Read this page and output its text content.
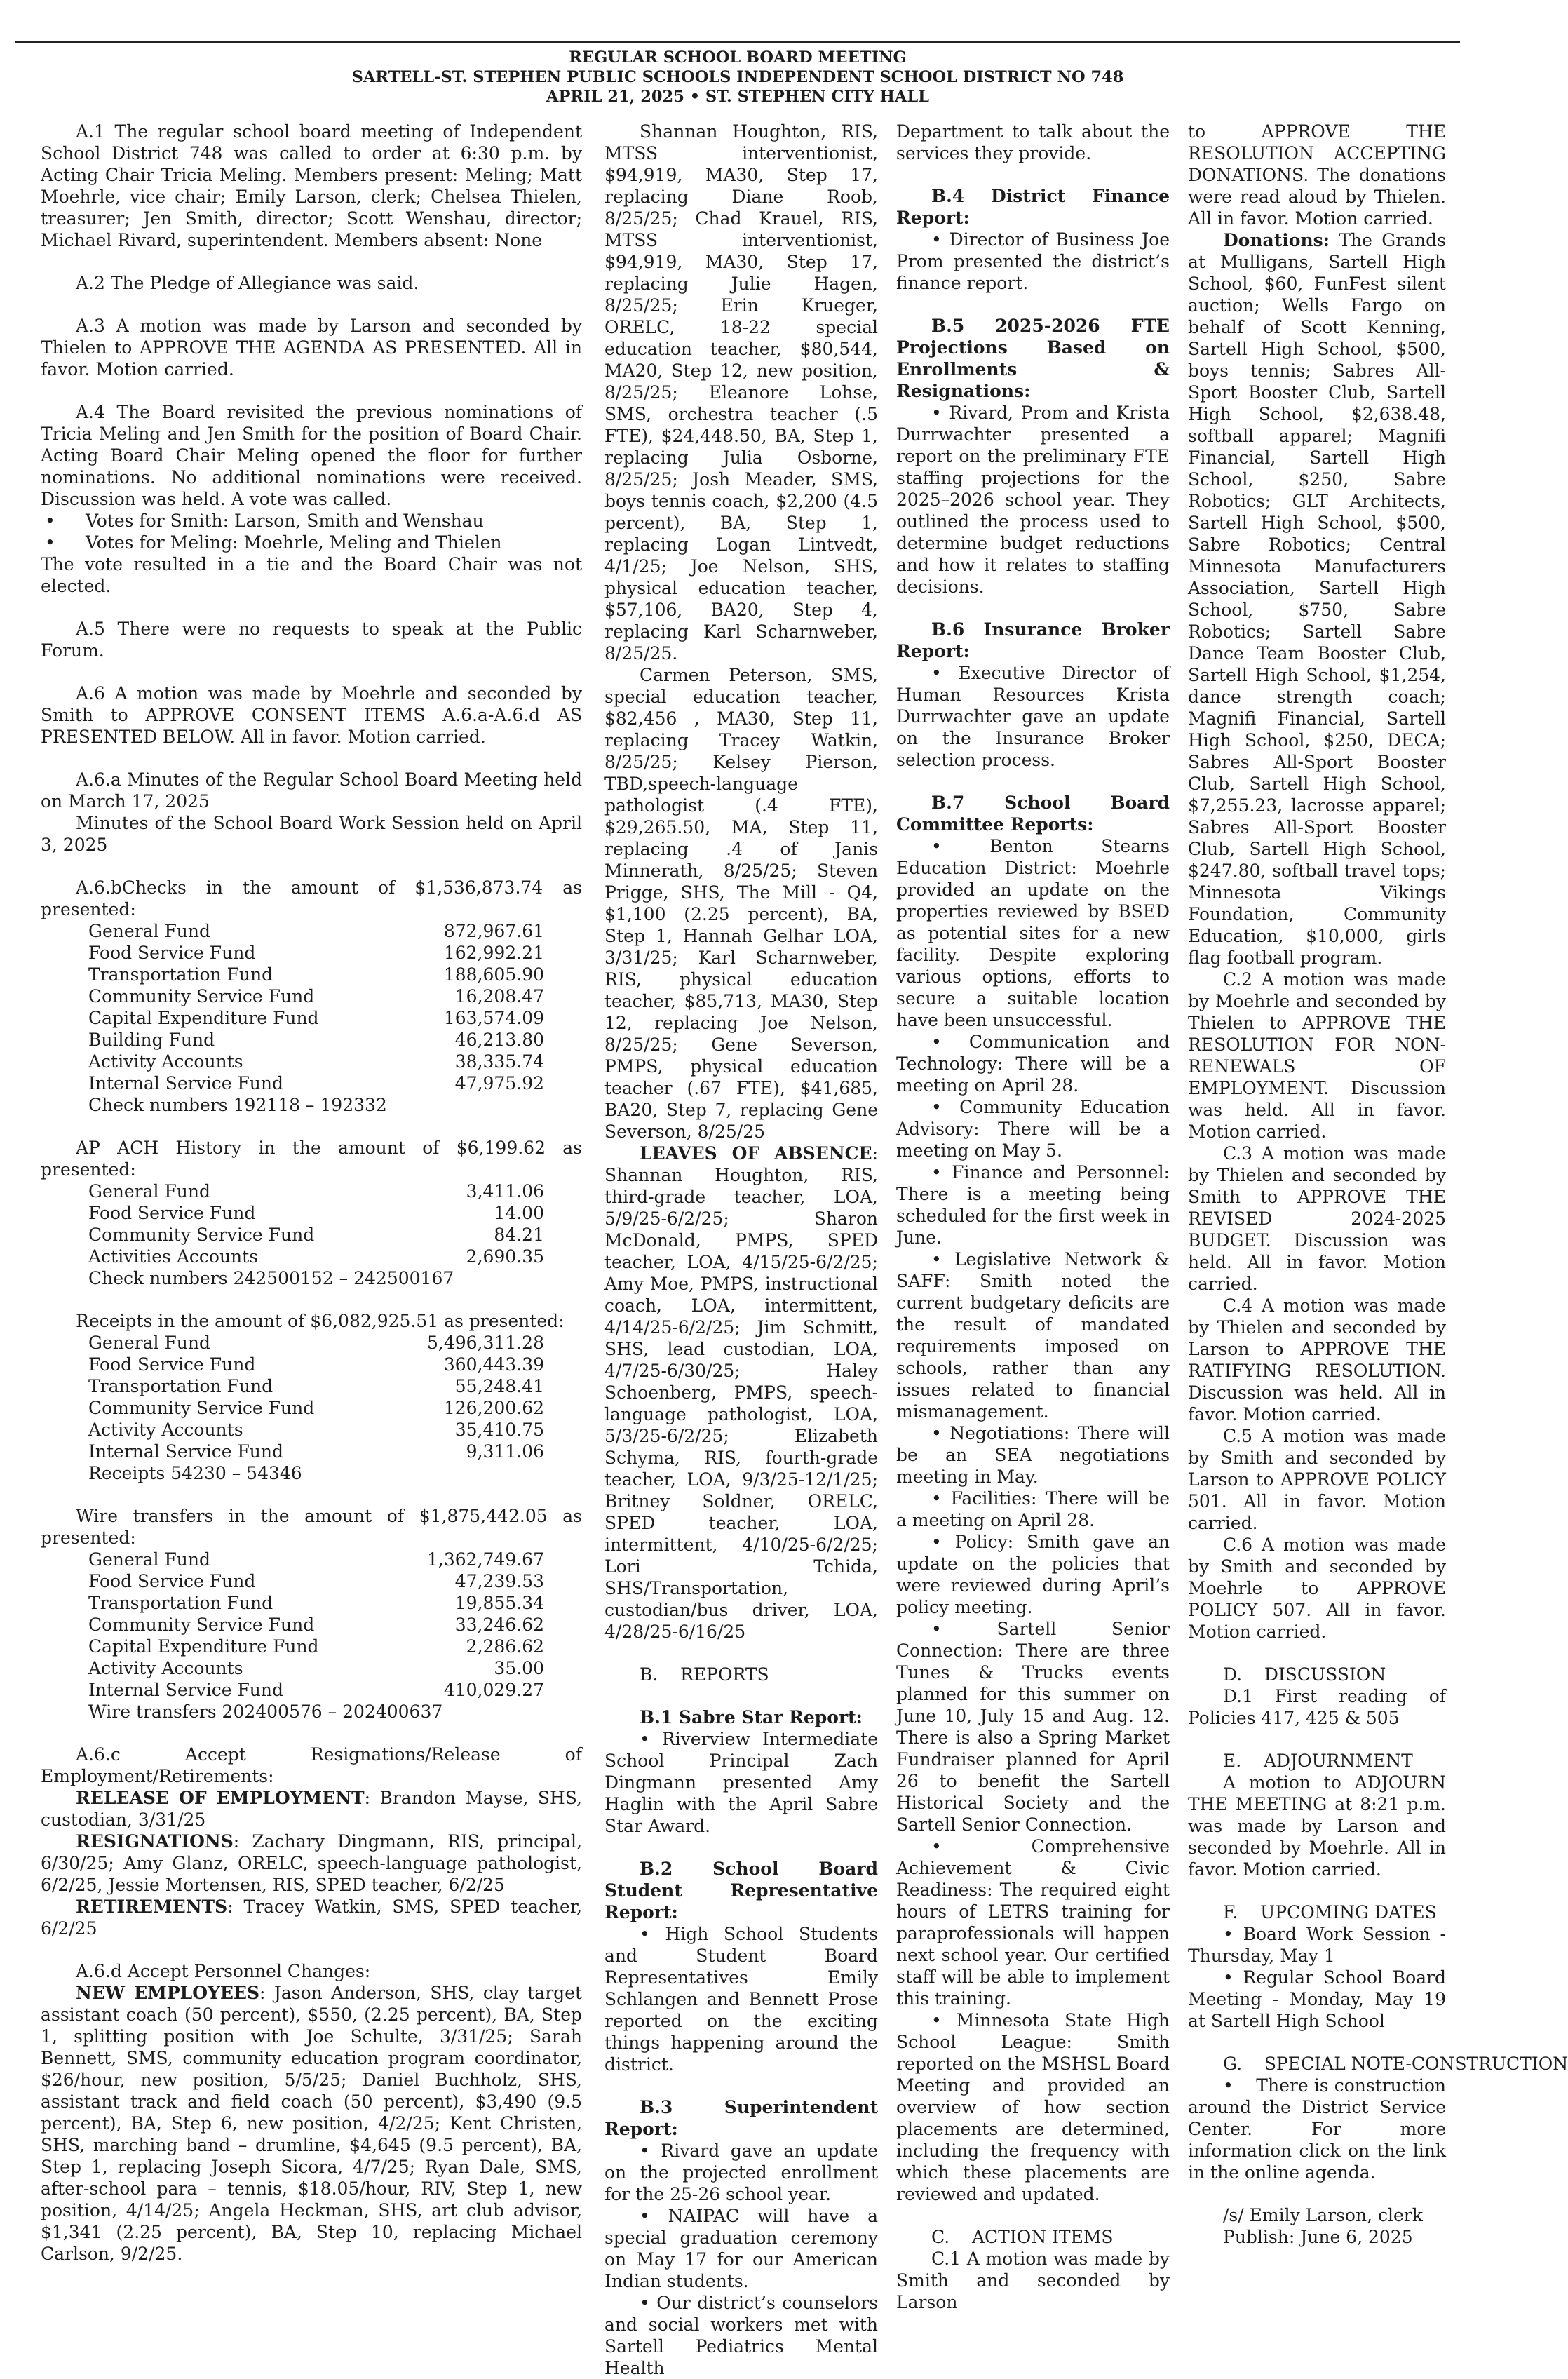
REGULAR SCHOOL BOARD MEETING
SARTELL-ST. STEPHEN PUBLIC SCHOOLS INDEPENDENT SCHOOL DISTRICT NO 748
APRIL 21, 2025 • ST. STEPHEN CITY HALL

A.1 The regular school board meeting of Independent School District 748 was called to order at 6:30 p.m. by Acting Chair Tricia Meling. Members present: Meling; Matt Moehrle, vice chair; Emily Larson, clerk; Chelsea Thielen, treasurer; Jen Smith, director; Scott Wenshau, director; Michael Rivard, superintendent. Members absent: None

A.2 The Pledge of Allegiance was said.

A.3 A motion was made by Larson and seconded by Thielen to APPROVE THE AGENDA AS PRESENTED. All in favor. Motion carried.

A.4 The Board revisited the previous nominations of Tricia Meling and Jen Smith for the position of Board Chair. Acting Board Chair Meling opened the floor for further nominations. No additional nominations were received. Discussion was held. A vote was called.

• Votes for Smith: Larson, Smith and Wenshau

• Votes for Meling: Moehrle, Meling and Thielen

The vote resulted in a tie and the Board Chair was not elected.

A.5 There were no requests to speak at the Public Forum.

A.6 A motion was made by Moehrle and seconded by Smith to APPROVE CONSENT ITEMS A.6.a-A.6.d AS PRESENTED BELOW. All in favor. Motion carried.

A.6.a Minutes of the Regular School Board Meeting held on March 17, 2025

Minutes of the School Board Work Session held on April 3, 2025

A.6.bChecks in the amount of $1,536,873.74 as presented:

General Fund	872,967.61
Food Service Fund	162,992.21
Transportation Fund	188,605.90
Community Service Fund	16,208.47
Capital Expenditure Fund	163,574.09
Building Fund	46,213.80
Activity Accounts	38,335.74
Internal Service Fund	47,975.92

Check numbers 192118 – 192332

AP ACH History in the amount of $6,199.62 as presented:

General Fund	3,411.06
Food Service Fund	14.00
Community Service Fund	84.21
Activities Accounts	2,690.35

Check numbers 242500152 – 242500167

Receipts in the amount of $6,082,925.51 as presented:

General Fund	5,496,311.28
Food Service Fund	360,443.39
Transportation Fund	55,248.41
Community Service Fund	126,200.62
Activity Accounts	35,410.75
Internal Service Fund	9,311.06

Receipts 54230 – 54346

Wire transfers in the amount of $1,875,442.05 as presented:

General Fund	1,362,749.67
Food Service Fund	47,239.53
Transportation Fund	19,855.34
Community Service Fund	33,246.62
Capital Expenditure Fund	2,286.62
Activity Accounts	35.00
Internal Service Fund	410,029.27

Wire transfers 202400576 – 202400637

A.6.c Accept Resignations/Release of Employment/Retirements:

RELEASE OF EMPLOYMENT: Brandon Mayse, SHS, custodian, 3/31/25

RESIGNATIONS: Zachary Dingmann, RIS, principal, 6/30/25; Amy Glanz, ORELC, speech-language pathologist, 6/2/25, Jessie Mortensen, RIS, SPED teacher, 6/2/25

RETIREMENTS: Tracey Watkin, SMS, SPED teacher, 6/2/25

A.6.d Accept Personnel Changes:

NEW EMPLOYEES: Jason Anderson, SHS, clay target assistant coach (50 percent), $550, (2.25 percent), BA, Step 1, splitting position with Joe Schulte, 3/31/25; Sarah Bennett, SMS, community education program coordinator, $26/hour, new position, 5/5/25; Daniel Buchholz, SHS, assistant track and field coach (50 percent), $3,490 (9.5 percent), BA, Step 6, new position, 4/2/25; Kent Christen, SHS, marching band – drumline, $4,645 (9.5 percent), BA, Step 1, replacing Joseph Sicora, 4/7/25; Ryan Dale, SMS, after-school para – tennis, $18.05/hour, RIV, Step 1, new position, 4/14/25; Angela Heckman, SHS, art club advisor, $1,341 (2.25 percent), BA, Step 10, replacing Michael Carlson, 9/2/25.

Shannan Houghton, RIS, MTSS interventionist, $94,919, MA30, Step 17, replacing Diane Roob, 8/25/25; Chad Krauel, RIS, MTSS interventionist, $94,919, MA30, Step 17, replacing Julie Hagen, 8/25/25; Erin Krueger, ORELC, 18-22 special education teacher, $80,544, MA20, Step 12, new position, 8/25/25; Eleanore Lohse, SMS, orchestra teacher (.5 FTE), $24,448.50, BA, Step 1, replacing Julia Osborne, 8/25/25; Josh Meader, SMS, boys tennis coach, $2,200 (4.5 percent), BA, Step 1, replacing Logan Lintvedt, 4/1/25; Joe Nelson, SHS, physical education teacher, $57,106, BA20, Step 4, replacing Karl Scharnweber, 8/25/25.

Carmen Peterson, SMS, special education teacher, $82,456 , MA30, Step 11, replacing Tracey Watkin, 8/25/25; Kelsey Pierson, TBD,speech-language pathologist (.4 FTE), $29,265.50, MA, Step 11, replacing .4 of Janis Minnerath, 8/25/25; Steven Prigge, SHS, The Mill - Q4, $1,100 (2.25 percent), BA, Step 1, Hannah Gelhar LOA, 3/31/25; Karl Scharnweber, RIS, physical education teacher, $85,713, MA30, Step 12, replacing Joe Nelson, 8/25/25; Gene Severson, PMPS, physical education teacher (.67 FTE), $41,685, BA20, Step 7, replacing Gene Severson, 8/25/25

LEAVES OF ABSENCE: Shannan Houghton, RIS, third-grade teacher, LOA, 5/9/25-6/2/25; Sharon McDonald, PMPS, SPED teacher, LOA, 4/15/25-6/2/25; Amy Moe, PMPS, instructional coach, LOA, intermittent, 4/14/25-6/2/25; Jim Schmitt, SHS, lead custodian, LOA, 4/7/25-6/30/25; Haley Schoenberg, PMPS, speech-language pathologist, LOA, 5/3/25-6/2/25; Elizabeth Schyma, RIS, fourth-grade teacher, LOA, 9/3/25-12/1/25; Britney Soldner, ORELC, SPED teacher, LOA, intermittent, 4/10/25-6/2/25; Lori Tchida, SHS/Transportation, custodian/bus driver, LOA, 4/28/25-6/16/25

B.    REPORTS

B.1 Sabre Star Report:

• Riverview Intermediate School Principal Zach Dingmann presented Amy Haglin with the April Sabre Star Award.

B.2 School Board Student Representative Report:

• High School Students and Student Board Representatives Emily Schlangen and Bennett Prose reported on the exciting things happening around the district.

B.3 Superintendent Report:

• Rivard gave an update on the projected enrollment for the 25-26 school year.

• NAIPAC will have a special graduation ceremony on May 17 for our American Indian students.

• Our district’s counselors and social workers met with Sartell Pediatrics Mental Health

Department to talk about the services they provide.

B.4 District Finance Report:

• Director of Business Joe Prom presented the district’s finance report.

B.5 2025-2026 FTE Projections Based on Enrollments & Resignations:

• Rivard, Prom and Krista Durrwachter presented a report on the preliminary FTE staffing projections for the 2025–2026 school year. They outlined the process used to determine budget reductions and how it relates to staffing decisions.

B.6 Insurance Broker Report:

• Executive Director of Human Resources Krista Durrwachter gave an update on the Insurance Broker selection process.

B.7 School Board Committee Reports:

• Benton Stearns Education District: Moehrle provided an update on the properties reviewed by BSED as potential sites for a new facility. Despite exploring various options, efforts to secure a suitable location have been unsuccessful.

• Communication and Technology: There will be a meeting on April 28.

• Community Education Advisory: There will be a meeting on May 5.

• Finance and Personnel: There is a meeting being scheduled for the first week in June.

• Legislative Network & SAFF: Smith noted the current budgetary deficits are the result of mandated requirements imposed on schools, rather than any issues related to financial mismanagement.

• Negotiations: There will be an SEA negotiations meeting in May.

• Facilities: There will be a meeting on April 28.

• Policy: Smith gave an update on the policies that were reviewed during April’s policy meeting.

• Sartell Senior Connection: There are three Tunes & Trucks events planned for this summer on June 10, July 15 and Aug. 12. There is also a Spring Market Fundraiser planned for April 26 to benefit the Sartell Historical Society and the Sartell Senior Connection.

• Comprehensive Achievement & Civic Readiness: The required eight hours of LETRS training for paraprofessionals will happen next school year. Our certified staff will be able to implement this training.

• Minnesota State High School League: Smith reported on the MSHSL Board Meeting and provided an overview of how section placements are determined, including the frequency with which these placements are reviewed and updated.

C.    ACTION ITEMS

C.1 A motion was made by Smith and seconded by Larson

to APPROVE THE RESOLUTION ACCEPTING DONATIONS. The donations were read aloud by Thielen. All in favor. Motion carried.

Donations: The Grands at Mulligans, Sartell High School, $60, FunFest silent auction; Wells Fargo on behalf of Scott Kenning, Sartell High School, $500, boys tennis; Sabres All-Sport Booster Club, Sartell High School, $2,638.48, softball apparel; Magnifi Financial, Sartell High School, $250, Sabre Robotics; GLT Architects, Sartell High School, $500, Sabre Robotics; Central Minnesota Manufacturers Association, Sartell High School, $750, Sabre Robotics; Sartell Sabre Dance Team Booster Club, Sartell High School, $1,254, dance strength coach; Magnifi Financial, Sartell High School, $250, DECA; Sabres All-Sport Booster Club, Sartell High School, $7,255.23, lacrosse apparel; Sabres All-Sport Booster Club, Sartell High School, $247.80, softball travel tops; Minnesota Vikings Foundation, Community Education, $10,000, girls flag football program.

C.2 A motion was made by Moehrle and seconded by Thielen to APPROVE THE RESOLUTION FOR NON-RENEWALS OF EMPLOYMENT. Discussion was held. All in favor. Motion carried.

C.3 A motion was made by Thielen and seconded by Smith to APPROVE THE REVISED 2024-2025 BUDGET. Discussion was held. All in favor. Motion carried.

C.4 A motion was made by Thielen and seconded by Larson to APPROVE THE RATIFYING RESOLUTION. Discussion was held. All in favor. Motion carried.

C.5 A motion was made by Smith and seconded by Larson to APPROVE POLICY 501. All in favor. Motion carried.

C.6 A motion was made by Smith and seconded by Moehrle to APPROVE POLICY 507. All in favor. Motion carried.

D.    DISCUSSION

D.1 First reading of Policies 417, 425 & 505

E.    ADJOURNMENT

A motion to ADJOURN THE MEETING at 8:21 p.m. was made by Larson and seconded by Moehrle. All in favor. Motion carried.

F.    UPCOMING DATES

• Board Work Session - Thursday, May 1

• Regular School Board Meeting - Monday, May 19 at Sartell High School

G.    SPECIAL NOTE-CONSTRUCTION

•    There is construction around the District Service Center. For more information click on the link in the online agenda.

/s/ Emily Larson, clerk

Publish: June 6, 2025
